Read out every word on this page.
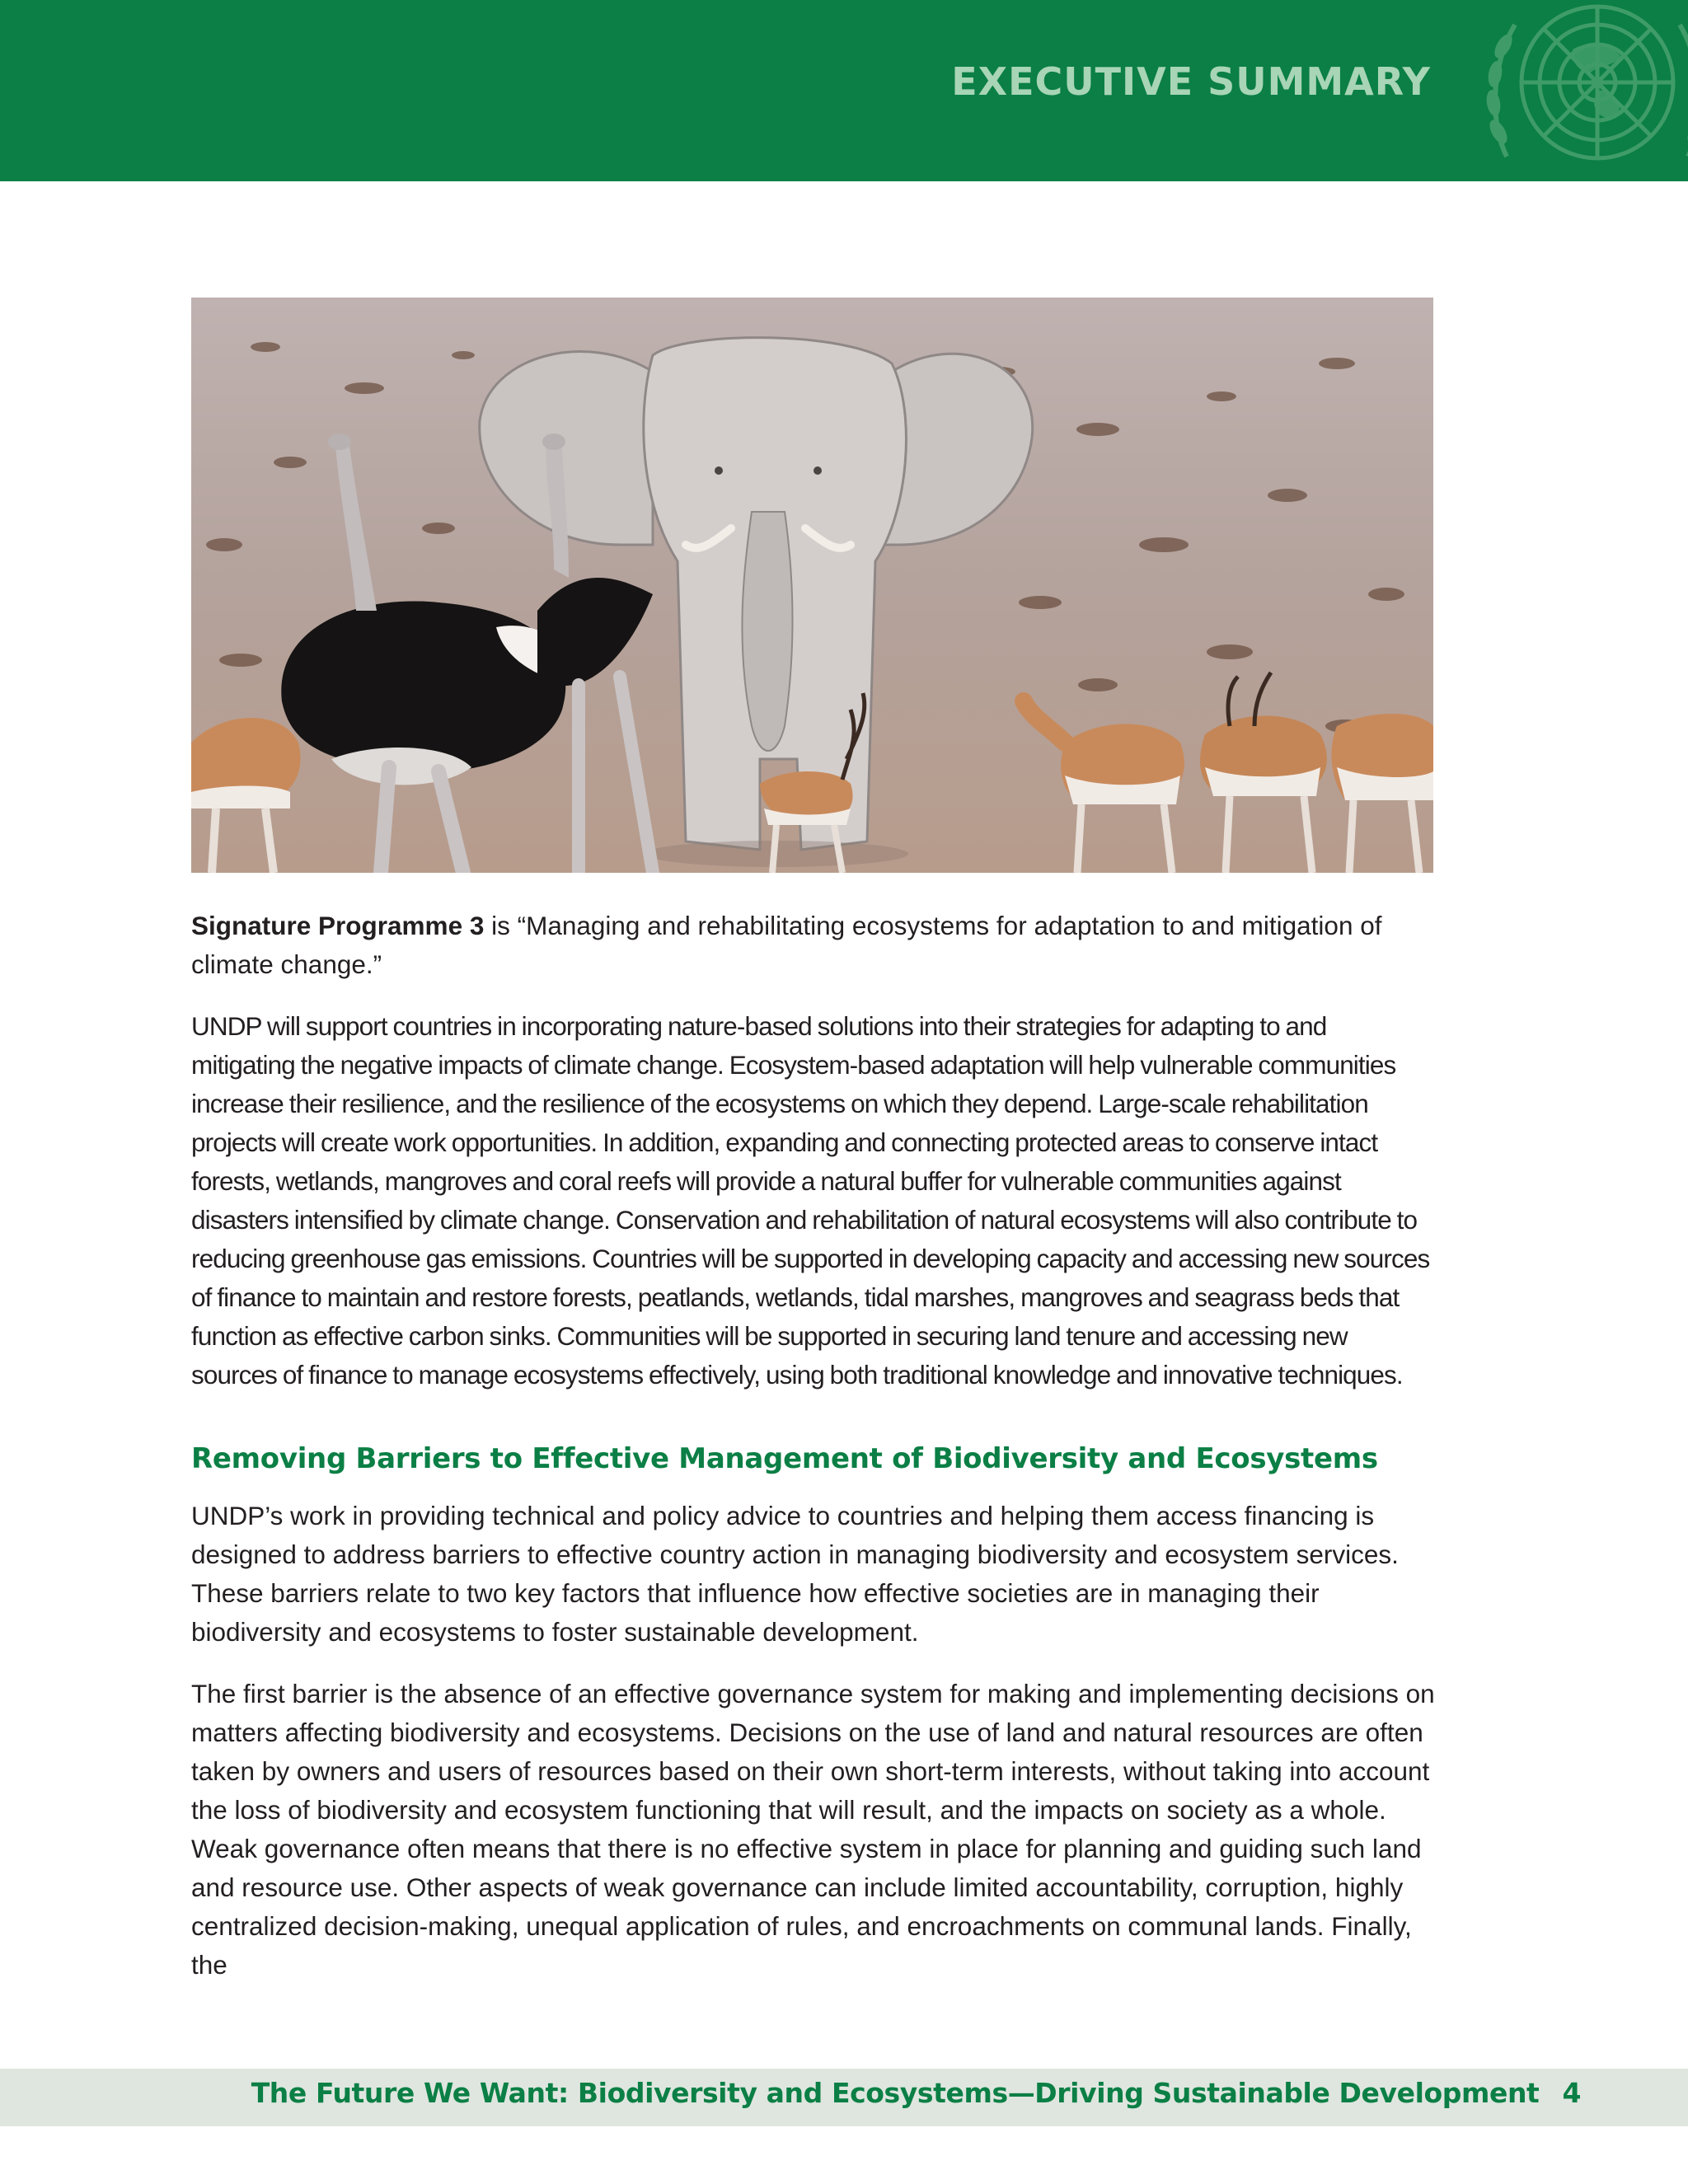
EXECUTIVE SUMMARY

Signature Programme 3 is “Managing and rehabilitating ecosystems for adaptation to and mitigation of climate change.”

UNDP will support countries in incorporating nature-based solutions into their strategies for adapting to and mitigating the negative impacts of climate change. Ecosystem-based adaptation will help vulnerable communities increase their resilience, and the resilience of the ecosystems on which they depend. Large-scale rehabilitation projects will create work opportunities. In addition, expanding and connecting protected areas to conserve intact forests, wetlands, mangroves and coral reefs will provide a natural buffer for vulnerable communities against disasters intensified by climate change. Conservation and rehabilitation of natural ecosystems will also contribute to reducing greenhouse gas emissions. Countries will be supported in developing capacity and accessing new sources of finance to maintain and restore forests, peatlands, wetlands, tidal marshes, mangroves and seagrass beds that function as effective carbon sinks. Communities will be supported in securing land tenure and accessing new sources of finance to manage ecosystems effectively, using both traditional knowledge and innovative techniques.

Removing Barriers to Effective Management of Biodiversity and Ecosystems

UNDP’s work in providing technical and policy advice to countries and helping them access financing is designed to address barriers to effective country action in managing biodiversity and ecosystem services. These barriers relate to two key factors that influence how effective societies are in managing their biodiversity and ecosystems to foster sustainable development.

The first barrier is the absence of an effective governance system for making and implementing decisions on matters affecting biodiversity and ecosystems. Decisions on the use of land and natural resources are often taken by owners and users of resources based on their own short-term interests, without taking into account the loss of biodiversity and ecosystem functioning that will result, and the impacts on society as a whole. Weak governance often means that there is no effective system in place for planning and guiding such land and resource use. Other aspects of weak governance can include limited accountability, corruption, highly centralized decision-making, unequal application of rules, and encroachments on communal lands. Finally, the

The Future We Want: Biodiversity and Ecosystems—Driving Sustainable Development 4
